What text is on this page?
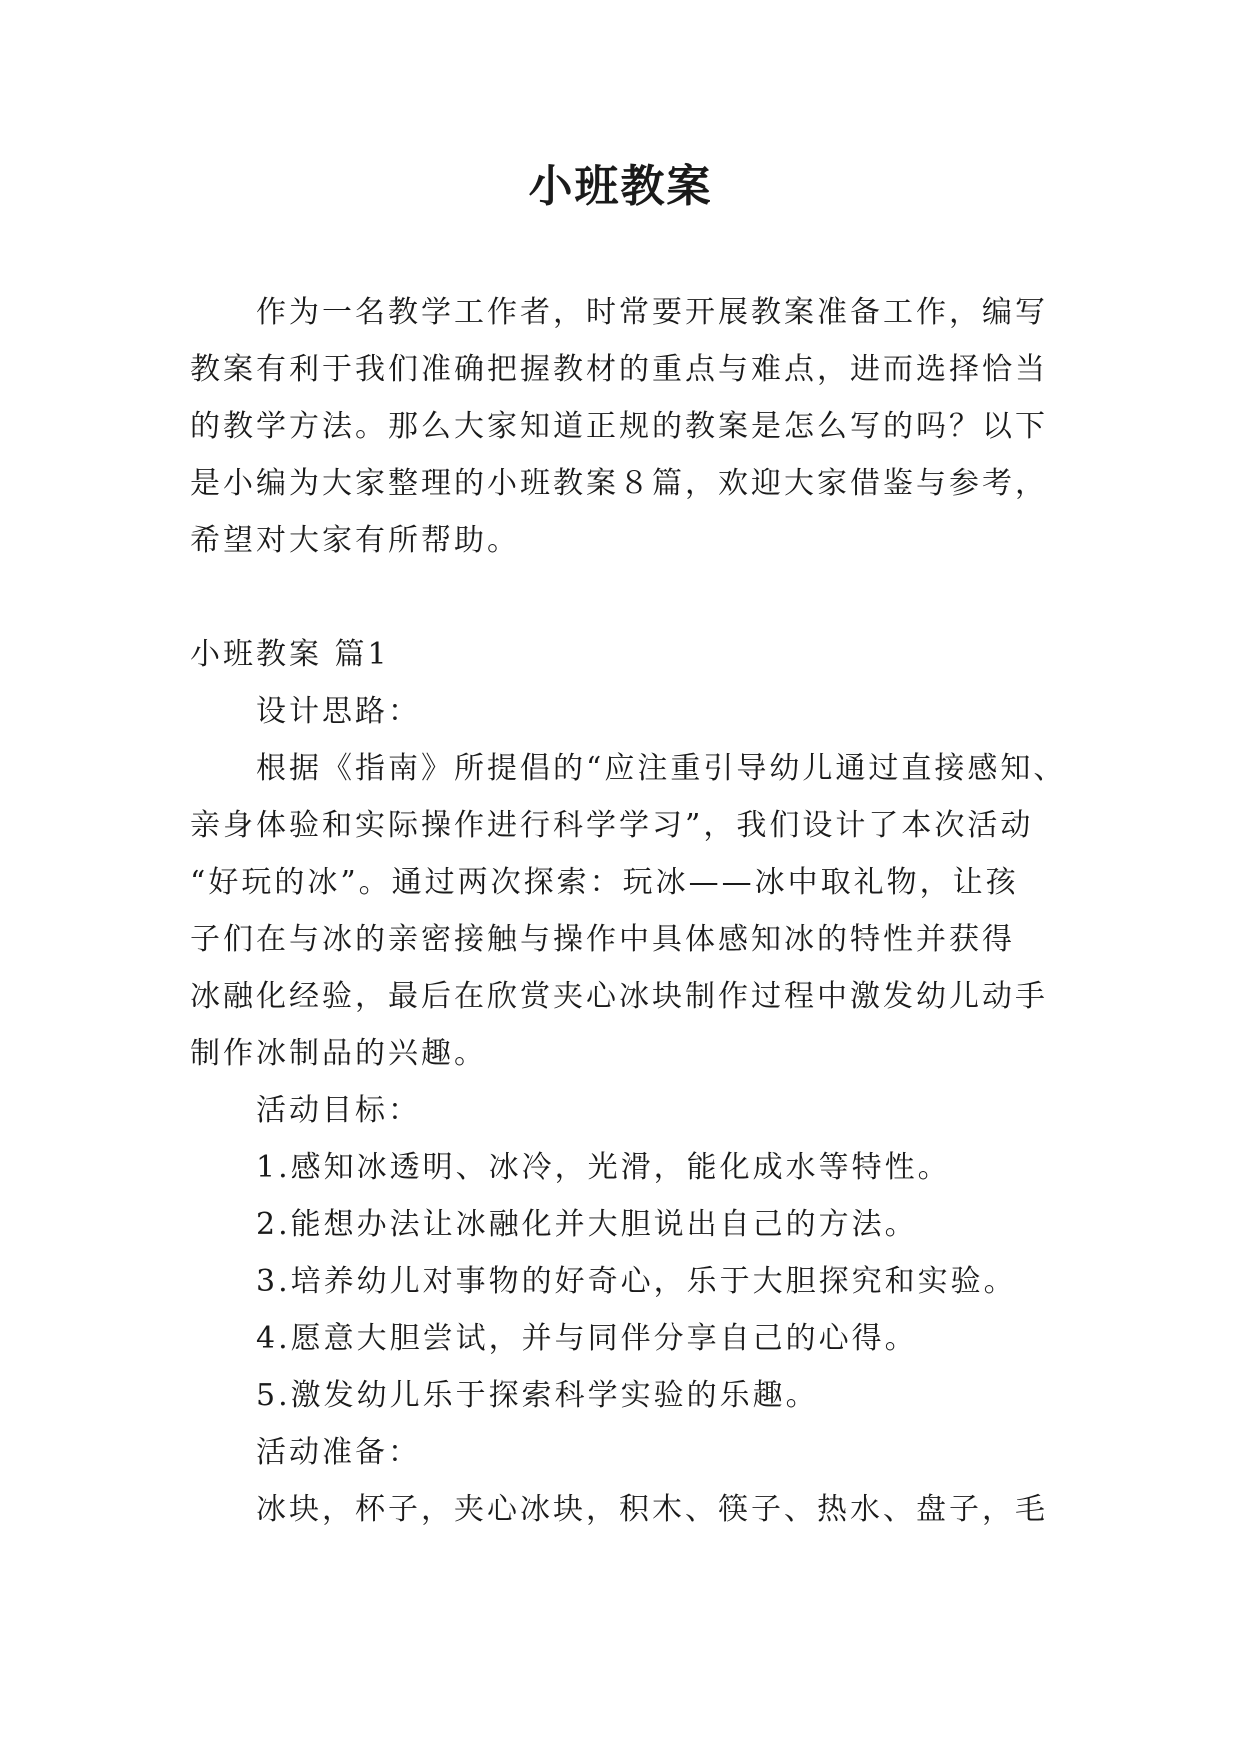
小班教案
作为一名教学工作者，时常要开展教案准备工作，编写
教案有利于我们准确把握教材的重点与难点，进而选择恰当
的教学方法。那么大家知道正规的教案是怎么写的吗？以下
是小编为大家整理的小班教案８篇，欢迎大家借鉴与参考，
希望对大家有所帮助。
小班教案 篇1
设计思路：
根据《指南》所提倡的“应注重引导幼儿通过直接感知、
亲身体验和实际操作进行科学学习”，我们设计了本次活动
“好玩的冰”。通过两次探索：玩冰——冰中取礼物，让孩
子们在与冰的亲密接触与操作中具体感知冰的特性并获得
冰融化经验，最后在欣赏夹心冰块制作过程中激发幼儿动手
制作冰制品的兴趣。
活动目标：
1.感知冰透明、冰冷，光滑，能化成水等特性。
2.能想办法让冰融化并大胆说出自己的方法。
3.培养幼儿对事物的好奇心，乐于大胆探究和实验。
4.愿意大胆尝试，并与同伴分享自己的心得。
5.激发幼儿乐于探索科学实验的乐趣。
活动准备：
冰块，杯子，夹心冰块，积木、筷子、热水、盘子，毛
